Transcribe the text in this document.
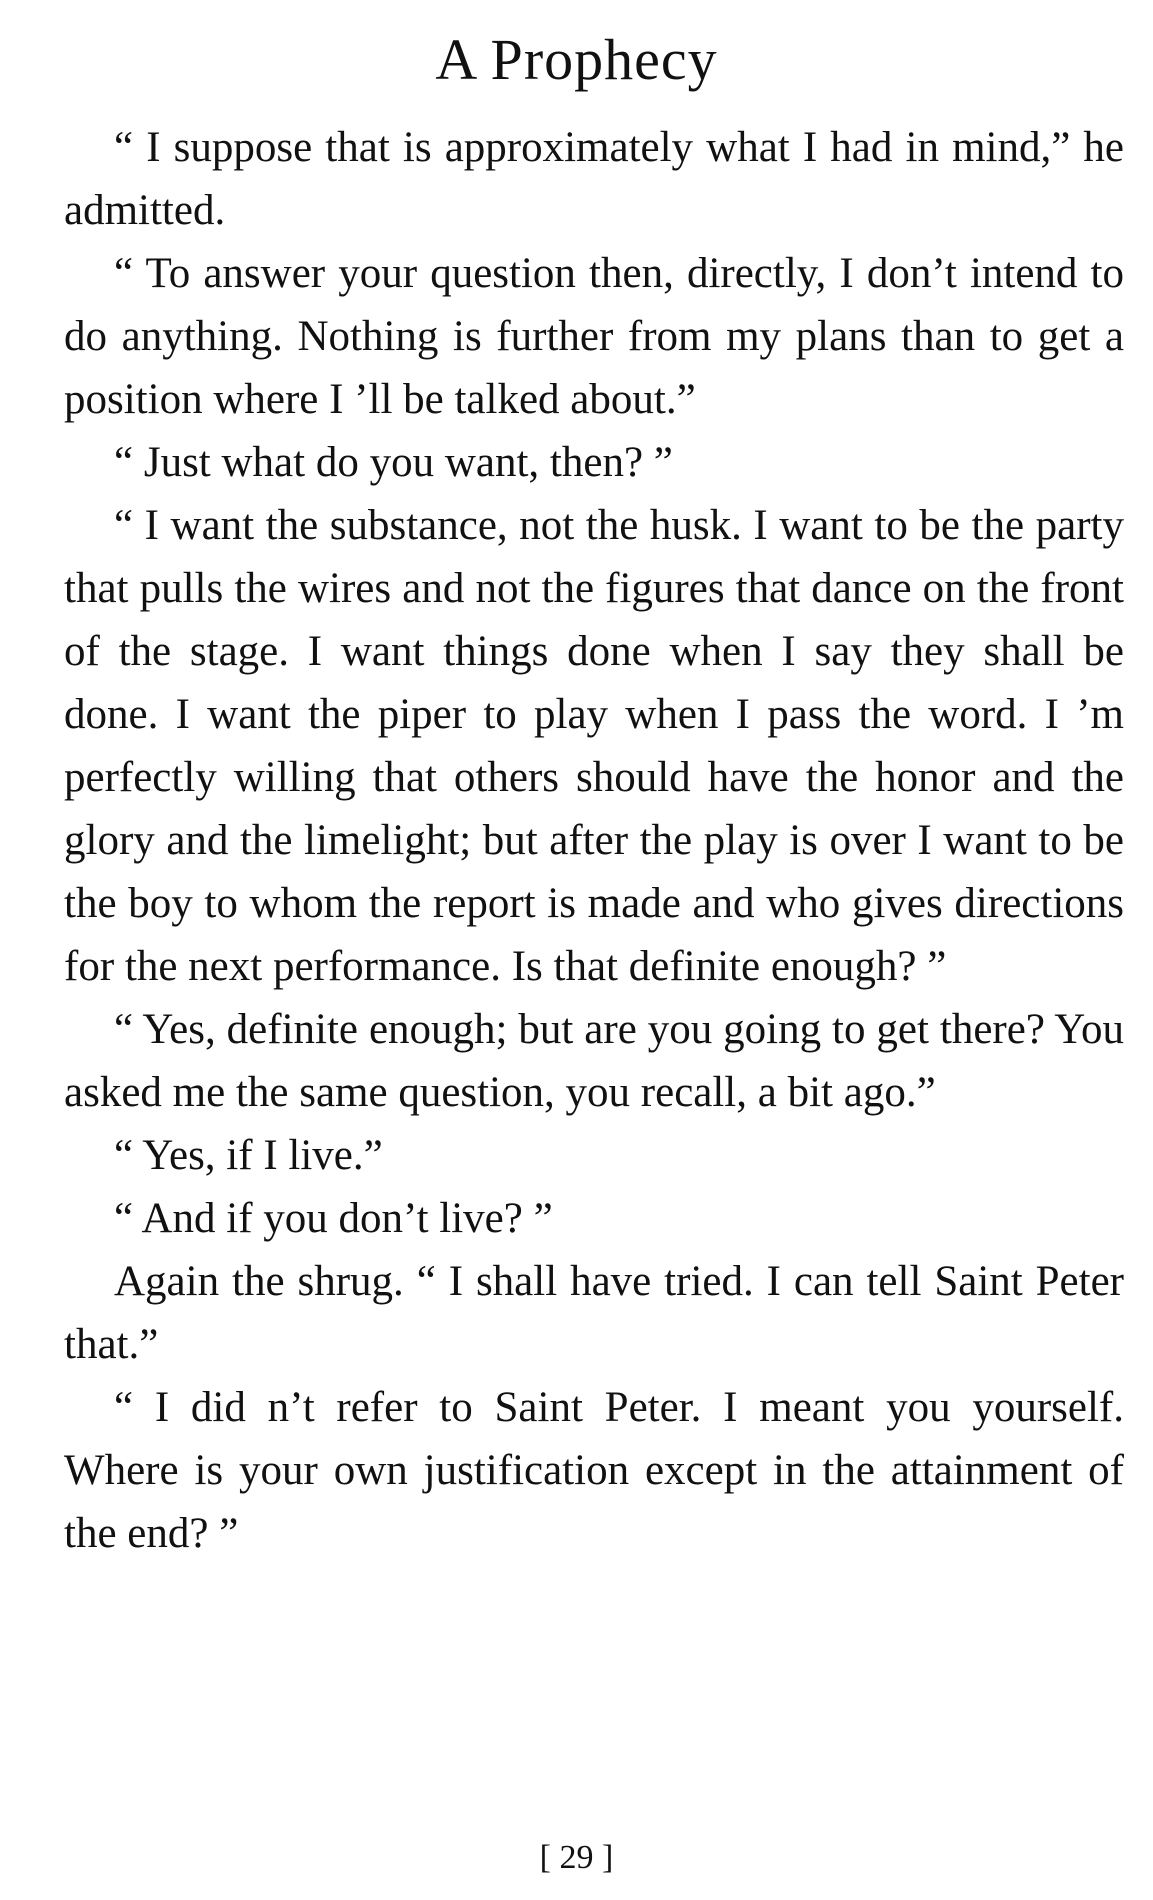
A Prophecy

“ I suppose that is approximately what I had in mind,” he admitted.

“ To answer your question then, directly, I don’t intend to do anything. Nothing is further from my plans than to get a position where I ’ll be talked about.”

“ Just what do you want, then? ”

“ I want the substance, not the husk. I want to be the party that pulls the wires and not the figures that dance on the front of the stage. I want things done when I say they shall be done. I want the piper to play when I pass the word. I ’m perfectly willing that others should have the honor and the glory and the limelight; but after the play is over I want to be the boy to whom the report is made and who gives directions for the next performance. Is that definite enough? ”

“ Yes, definite enough; but are you going to get there? You asked me the same question, you recall, a bit ago.”

“ Yes, if I live.”

“ And if you don’t live? ”

Again the shrug. “ I shall have tried. I can tell Saint Peter that.”

“ I did n’t refer to Saint Peter. I meant you yourself. Where is your own justification except in the attainment of the end? ”

[ 29 ]
